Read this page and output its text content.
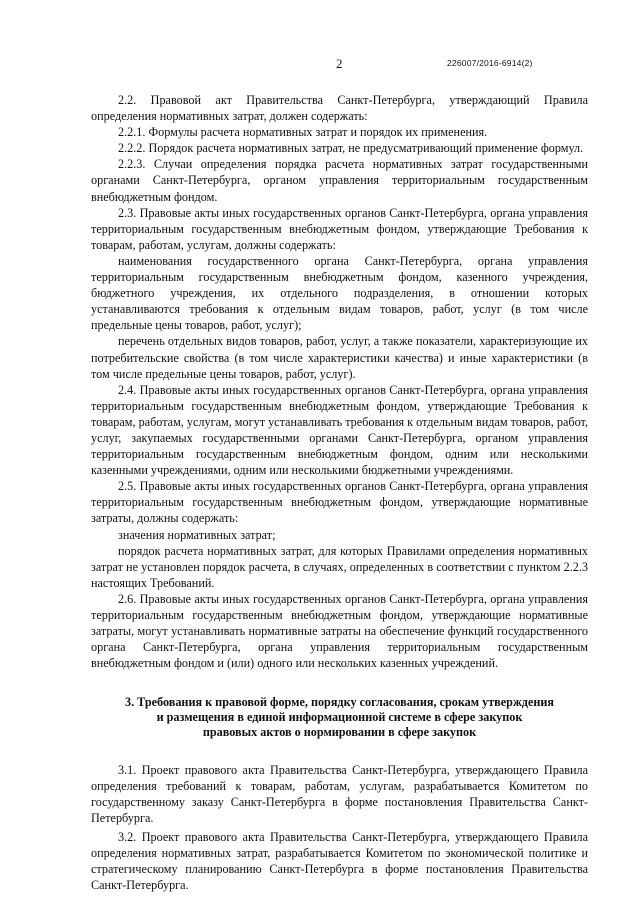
2	226007/2016-6914(2)

2.2. Правовой акт Правительства Санкт-Петербурга, утверждающий Правила определения нормативных затрат, должен содержать:

2.2.1. Формулы расчета нормативных затрат и порядок их применения.

2.2.2. Порядок расчета нормативных затрат, не предусматривающий применение формул.

2.2.3. Случаи определения порядка расчета нормативных затрат государственными органами Санкт-Петербурга, органом управления территориальным государственным внебюджетным фондом.

2.3. Правовые акты иных государственных органов Санкт-Петербурга, органа управления территориальным государственным внебюджетным фондом, утверждающие Требования к товарам, работам, услугам, должны содержать:

наименования государственного органа Санкт-Петербурга, органа управления территориальным государственным внебюджетным фондом, казенного учреждения, бюджетного учреждения, их отдельного подразделения, в отношении которых устанавливаются требования к отдельным видам товаров, работ, услуг (в том числе предельные цены товаров, работ, услуг);

перечень отдельных видов товаров, работ, услуг, а также показатели, характеризующие их потребительские свойства (в том числе характеристики качества) и иные характеристики (в том числе предельные цены товаров, работ, услуг).

2.4. Правовые акты иных государственных органов Санкт-Петербурга, органа управления территориальным государственным внебюджетным фондом, утверждающие Требования к товарам, работам, услугам, могут устанавливать требования к отдельным видам товаров, работ, услуг, закупаемых государственными органами Санкт-Петербурга, органом управления территориальным государственным внебюджетным фондом, одним или несколькими казенными учреждениями, одним или несколькими бюджетными учреждениями.

2.5. Правовые акты иных государственных органов Санкт-Петербурга, органа управления территориальным государственным внебюджетным фондом, утверждающие нормативные затраты, должны содержать:

значения нормативных затрат;

порядок расчета нормативных затрат, для которых Правилами определения нормативных затрат не установлен порядок расчета, в случаях, определенных в соответствии с пунктом 2.2.3 настоящих Требований.

2.6. Правовые акты иных государственных органов Санкт-Петербурга, органа управления территориальным государственным внебюджетным фондом, утверждающие нормативные затраты, могут устанавливать нормативные затраты на обеспечение функций государственного органа Санкт-Петербурга, органа управления территориальным государственным внебюджетным фондом и (или) одного или нескольких казенных учреждений.

3. Требования к правовой форме, порядку согласования, срокам утверждения
и размещения в единой информационной системе в сфере закупок
правовых актов о нормировании в сфере закупок

3.1. Проект правового акта Правительства Санкт-Петербурга, утверждающего Правила определения требований к товарам, работам, услугам, разрабатывается Комитетом по государственному заказу Санкт-Петербурга в форме постановления Правительства Санкт-Петербурга.

3.2. Проект правового акта Правительства Санкт-Петербурга, утверждающего Правила определения нормативных затрат, разрабатывается Комитетом по экономической политике и стратегическому планированию Санкт-Петербурга в форме постановления Правительства Санкт-Петербурга.
